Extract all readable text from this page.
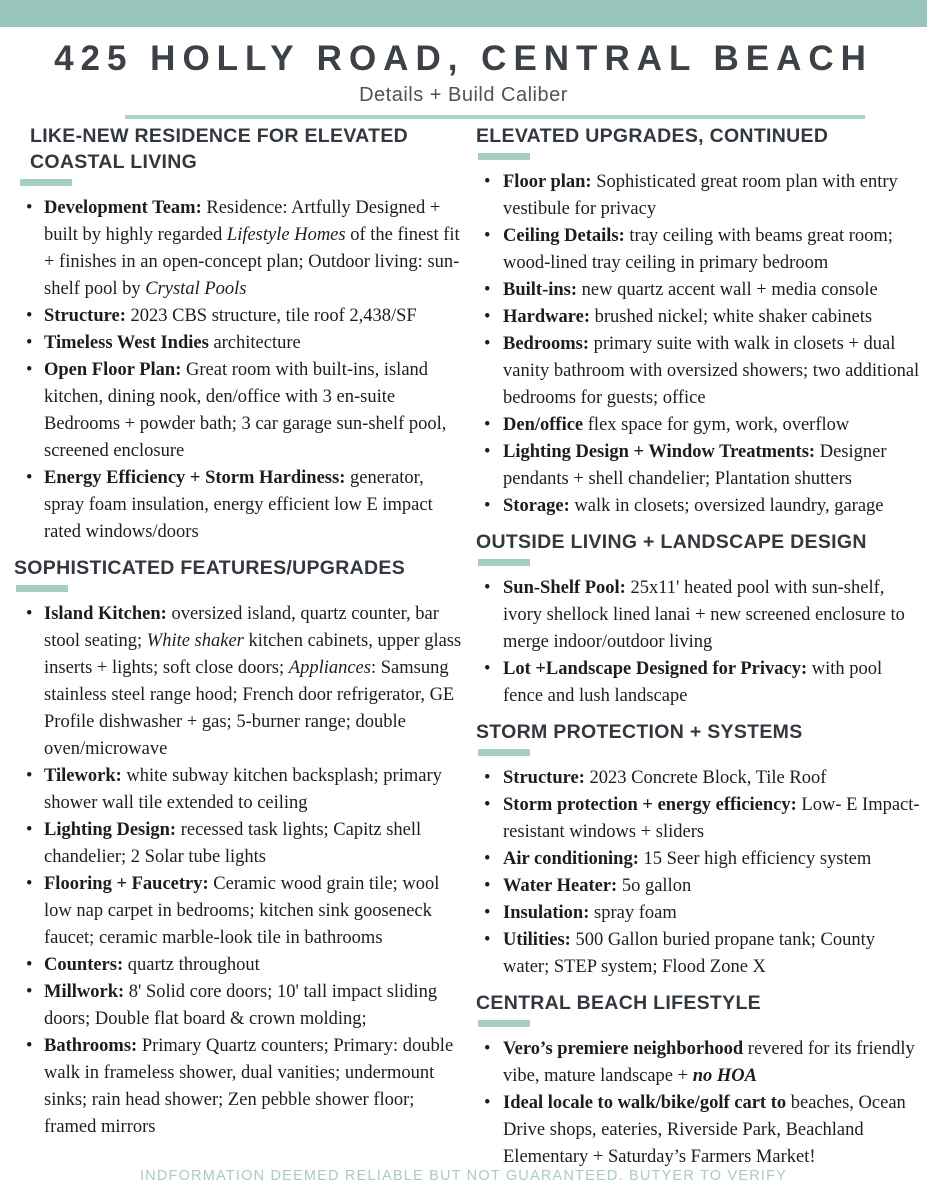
425 HOLLY ROAD, CENTRAL BEACH

Details + Build Caliber

LIKE-NEW RESIDENCE FOR ELEVATED COASTAL LIVING
• Development Team: Residence: Artfully Designed + built by highly regarded Lifestyle Homes of the finest fit + finishes in an open-concept plan; Outdoor living: sun-shelf pool by Crystal Pools
• Structure: 2023 CBS structure, tile roof 2,438/SF
• Timeless West Indies architecture
• Open Floor Plan: Great room with built-ins, island kitchen, dining nook, den/office with 3 en-suite Bedrooms + powder bath; 3 car garage sun-shelf pool, screened enclosure
• Energy Efficiency + Storm Hardiness: generator, spray foam insulation, energy efficient low E impact rated windows/doors
SOPHISTICATED FEATURES/UPGRADES
• Island Kitchen: oversized island, quartz counter, bar stool seating; White shaker kitchen cabinets, upper glass inserts + lights; soft close doors; Appliances: Samsung stainless steel range hood; French door refrigerator, GE Profile dishwasher + gas; 5-burner range; double oven/microwave
• Tilework: white subway kitchen backsplash; primary shower wall tile extended to ceiling
• Lighting Design: recessed task lights; Capitz shell chandelier; 2 Solar tube lights
• Flooring + Faucetry: Ceramic wood grain tile; wool low nap carpet in bedrooms; kitchen sink gooseneck faucet; ceramic marble-look tile in bathrooms
• Counters: quartz throughout
• Millwork: 8' Solid core doors; 10' tall impact sliding doors; Double flat board & crown molding;
• Bathrooms: Primary Quartz counters; Primary: double walk in frameless shower, dual vanities; undermount sinks; rain head shower; Zen pebble shower floor; framed mirrors
ELEVATED UPGRADES, CONTINUED
• Floor plan: Sophisticated great room plan with entry vestibule for privacy
• Ceiling Details: tray ceiling with beams great room; wood-lined tray ceiling in primary bedroom
• Built-ins: new quartz accent wall + media console
• Hardware: brushed nickel; white shaker cabinets
• Bedrooms: primary suite with walk in closets + dual vanity bathroom with oversized showers; two additional bedrooms for guests; office
• Den/office flex space for gym, work, overflow
• Lighting Design + Window Treatments: Designer pendants + shell chandelier; Plantation shutters
• Storage: walk in closets; oversized laundry, garage
OUTSIDE LIVING + LANDSCAPE DESIGN
• Sun-Shelf Pool: 25x11' heated pool with sun-shelf, ivory shellock lined lanai + new screened enclosure to merge indoor/outdoor living
• Lot +Landscape Designed for Privacy: with pool fence and lush landscape
STORM PROTECTION + SYSTEMS
• Structure: 2023 Concrete Block, Tile Roof
• Storm protection + energy efficiency: Low- E Impact-resistant windows + sliders
• Air conditioning: 15 Seer high efficiency system
• Water Heater: 5o gallon
• Insulation: spray foam
• Utilities: 500 Gallon buried propane tank; County water; STEP system; Flood Zone X
CENTRAL BEACH LIFESTYLE
• Vero’s premiere neighborhood revered for its friendly vibe, mature landscape + no HOA
• Ideal locale to walk/bike/golf cart to beaches, Ocean Drive shops, eateries, Riverside Park, Beachland Elementary + Saturday’s Farmers Market!
INDFORMATION DEEMED RELIABLE BUT NOT GUARANTEED. BUTYER TO VERIFY
